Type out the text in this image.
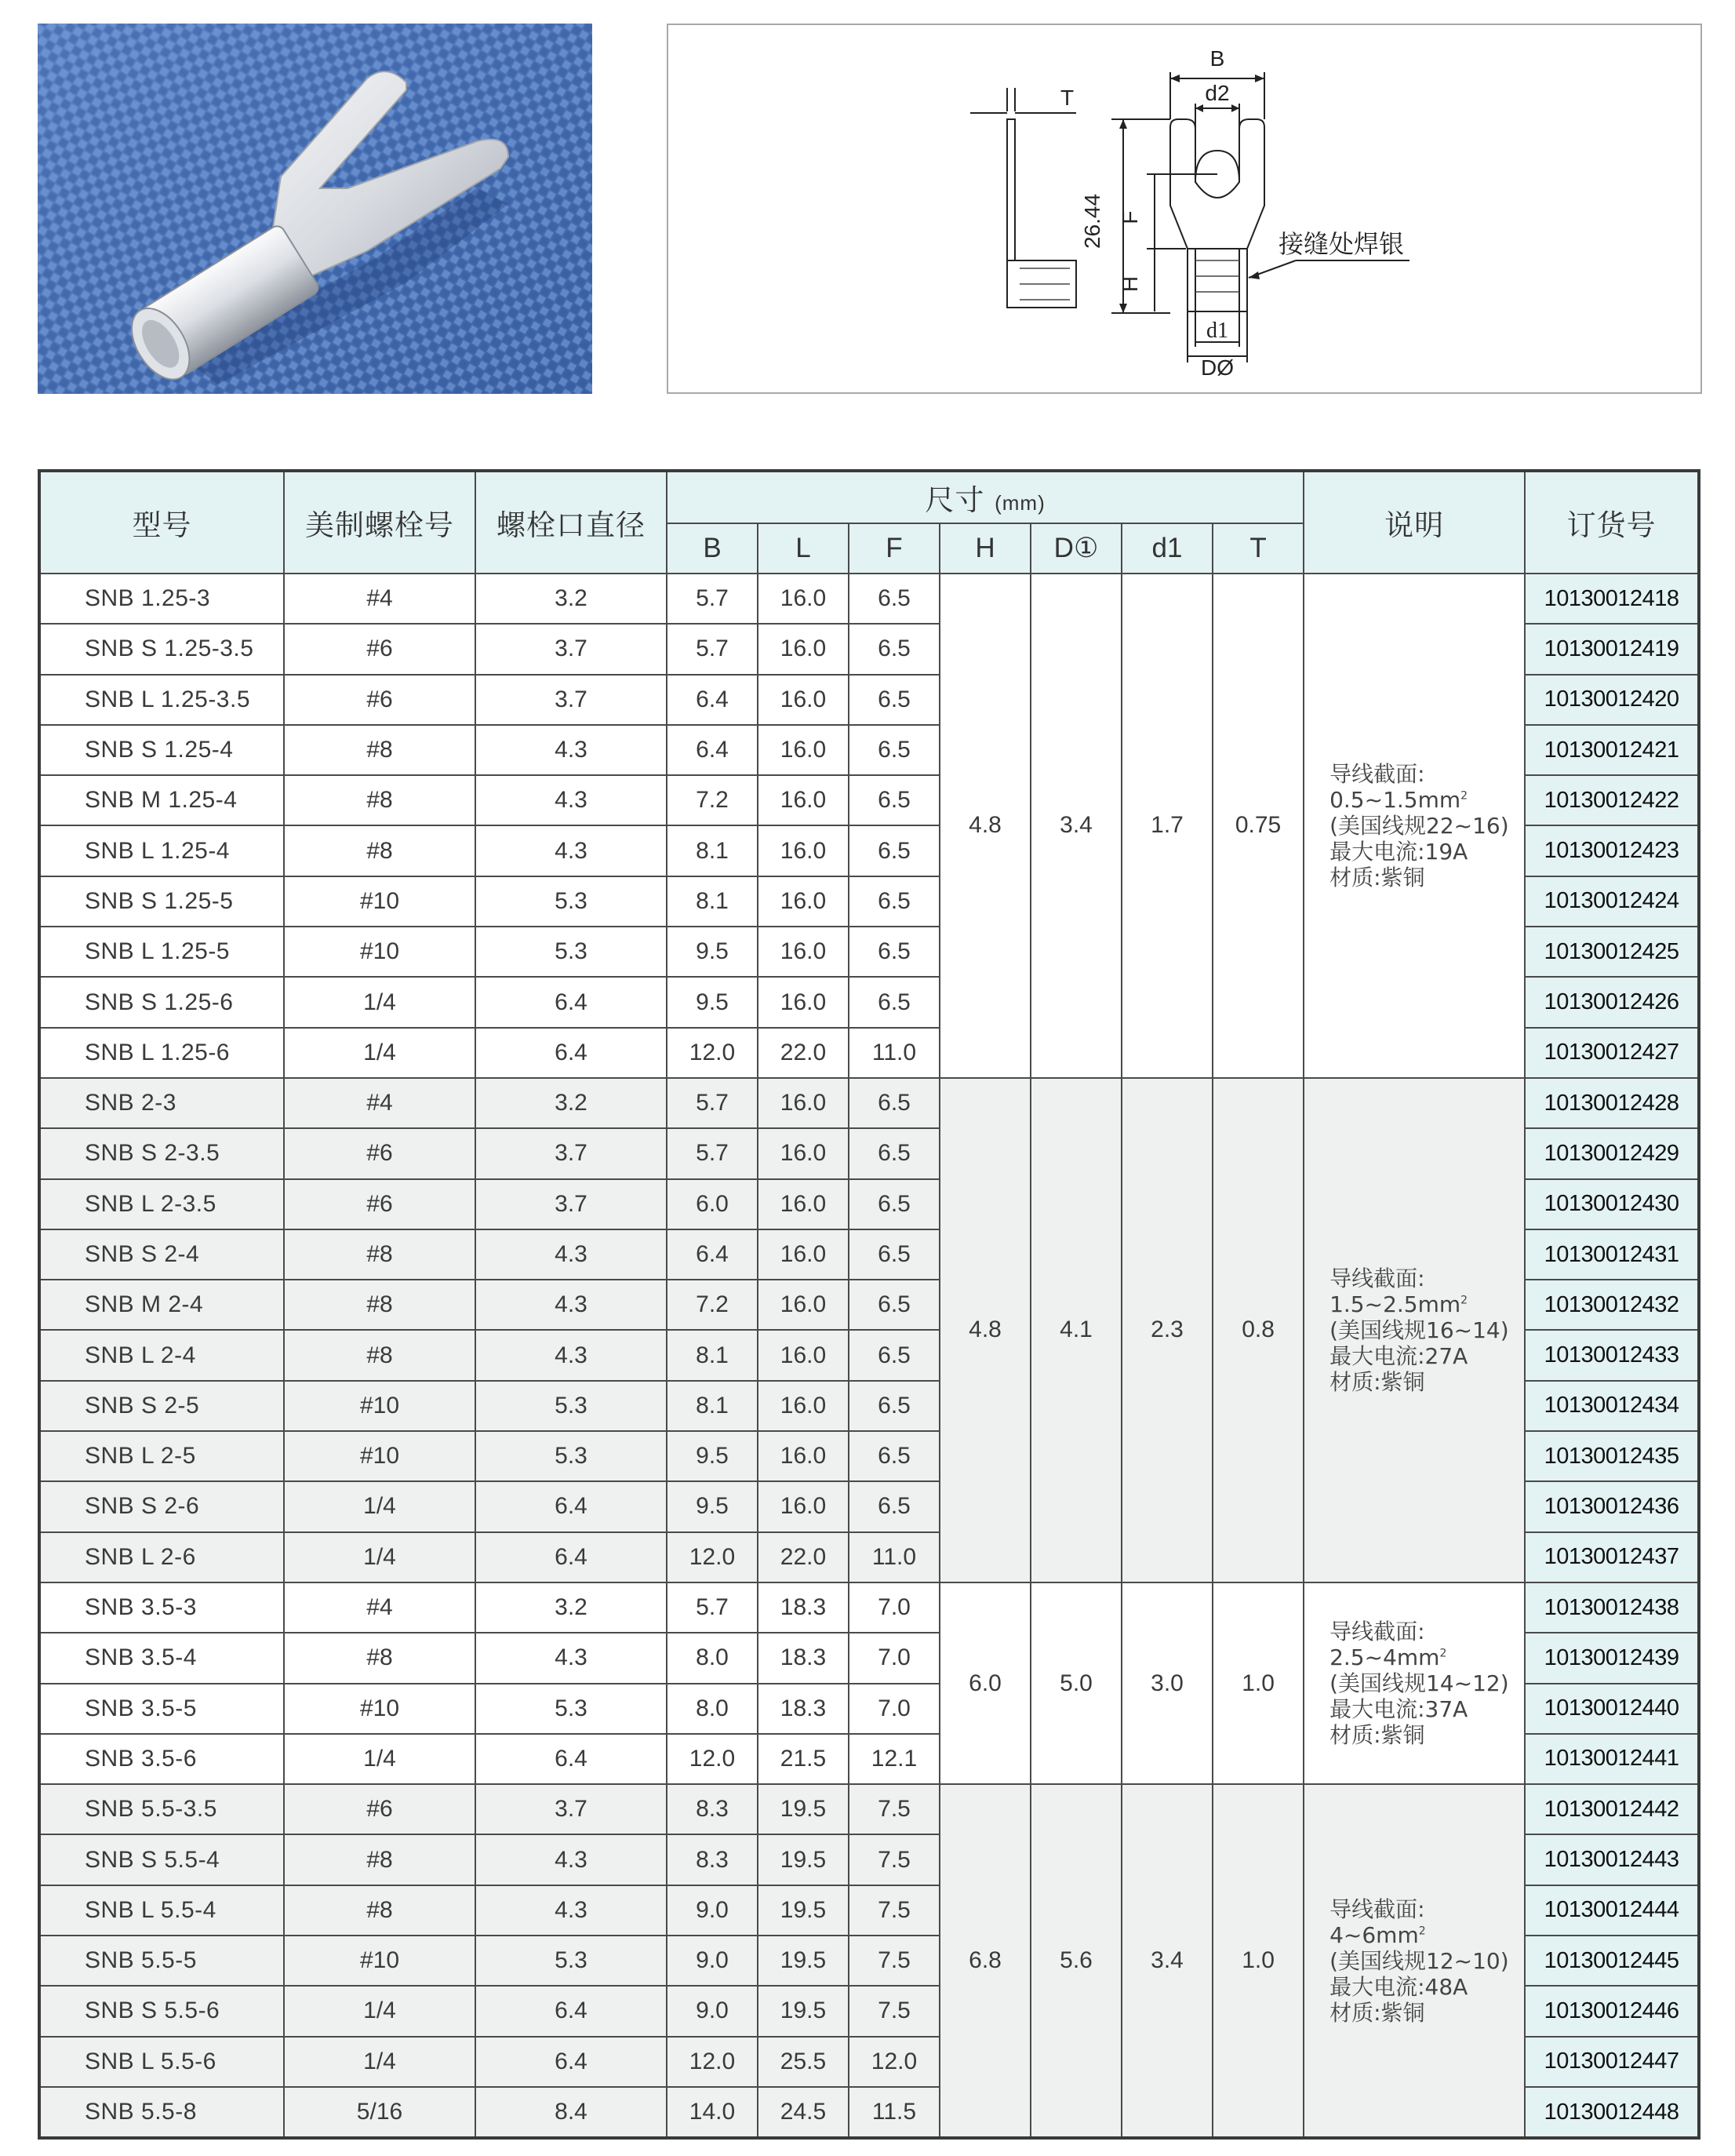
B
d2
T
26.44 F
H
d1
DØ
接缝处焊银
型号	美制螺栓号	螺栓口直径	尺寸 (mm)							说明	订货号
			B	L	F	H	D①	d1	T		
SNB 1.25-3	#4	3.2	5.7	16.0	6.5	4.8	3.4	1.7	0.75	导线截面:
$0.5\sim 1.5mm^2$
(美国线规22~16)
最大电流:19A
材质:紫铜	10130012418
SNB S 1.25-3.5	#6	3.7	5.7	16.0	6.5						10130012419
SNB L 1.25-3.5	#6	3.7	6.4	16.0	6.5						10130012420
SNB S 1.25-4	#8	4.3	6.4	16.0	6.5						10130012421
SNB M 1.25-4	#8	4.3	7.2	16.0	6.5						10130012422
SNB L 1.25-4	#8	4.3	8.1	16.0	6.5						10130012423
SNB S 1.25-5	#10	5.3	8.1	16.0	6.5						10130012424
SNB L 1.25-5	#10	5.3	9.5	16.0	6.5						10130012425
SNB S 1.25-6	1/4	6.4	9.5	16.0	6.5						10130012426
SNB L 1.25-6	1/4	6.4	12.0	22.0	11.0						10130012427
SNB 2-3	#4	3.2	5.7	16.0	6.5	4.8	4.1	2.3	0.8	导线截面:
$1.5\sim 2.5mm^2$
(美国线规16~14)
最大电流:27A
材质:紫铜	10130012428
SNB S 2-3.5	#6	3.7	5.7	16.0	6.5						10130012429
SNB L 2-3.5	#6	3.7	6.0	16.0	6.5						10130012430
SNB S 2-4	#8	4.3	6.4	16.0	6.5						10130012431
SNB M 2-4	#8	4.3	7.2	16.0	6.5						10130012432
SNB L 2-4	#8	4.3	8.1	16.0	6.5						10130012433
SNB S 2-5	#10	5.3	8.1	16.0	6.5						10130012434
SNB L 2-5	#10	5.3	9.5	16.0	6.5						10130012435
SNB S 2-6	1/4	6.4	9.5	16.0	6.5						10130012436
SNB L 2-6	1/4	6.4	12.0	22.0	11.0						10130012437
SNB 3.5-3	#4	3.2	5.7	18.3	7.0	6.0	5.0	3.0	1.0	导线截面:
$2.5\sim 4mm^2$
(美国线规14~12)
最大电流:37A
材质:紫铜	10130012438
SNB 3.5-4	#8	4.3	8.0	18.3	7.0						10130012439
SNB 3.5-5	#10	5.3	8.0	18.3	7.0						10130012440
SNB 3.5-6	1/4	6.4	12.0	21.5	12.1						10130012441
SNB 5.5-3.5	#6	3.7	8.3	19.5	7.5	6.8	5.6	3.4	1.0	导线截面:
$4\sim 6mm^2$
(美国线规12~10)
最大电流:48A
材质:紫铜	10130012442
SNB S 5.5-4	#8	4.3	8.3	19.5	7.5						10130012443
SNB L 5.5-4	#8	4.3	9.0	19.5	7.5						10130012444
SNB 5.5-5	#10	5.3	9.0	19.5	7.5						10130012445
SNB S 5.5-6	1/4	6.4	9.0	19.5	7.5						10130012446
SNB L 5.5-6	1/4	6.4	12.0	25.5	12.0						10130012447
SNB 5.5-8	5/16	8.4	14.0	24.5	11.5						10130012448
